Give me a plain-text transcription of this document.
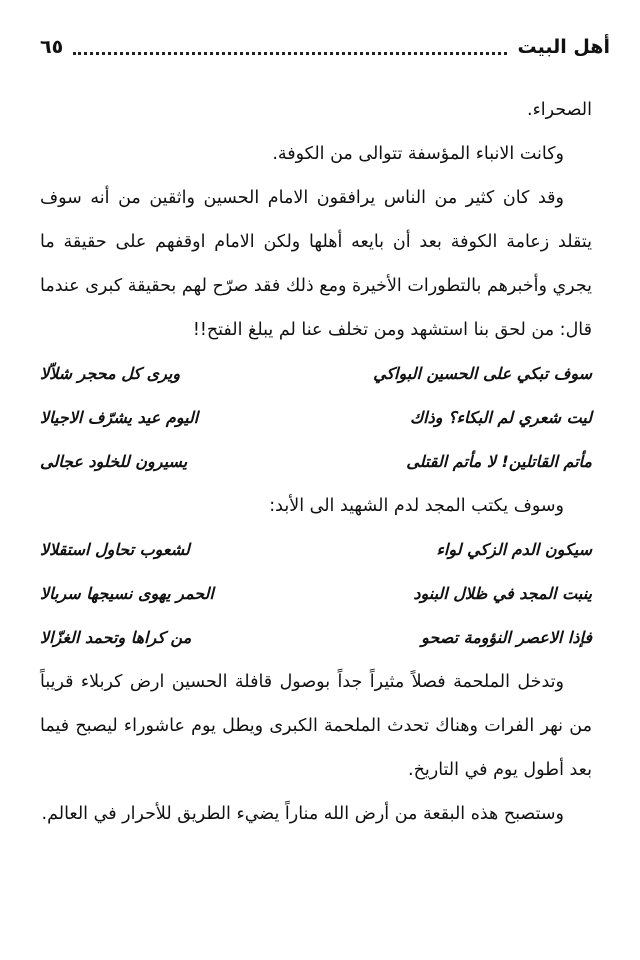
أهل البيت
٦٥

الصحراء.

وكانت الانباء المؤسفة تتوالى من الكوفة.

وقد كان كثير من الناس يرافقون الامام الحسين واثقين من أنه سوف يتقلد زعامة الكوفة بعد أن بايعه أهلها ولكن الامام اوقفهم على حقيقة ما يجري وأخبرهم بالتطورات الأخيرة ومع ذلك فقد صرّح لهم بحقيقة كبرى عندما قال: من لحق بنا استشهد ومن تخلف عنا لم يبلغ الفتح!!

سوف تبكي على الحسين البواكي
ويرى كل محجر شلاّلا
ليت شعري لم البكاء؟ وذاك
اليوم عيد يشرّف الاجيالا
مأتم القاتلين! لا مأتم القتلى
يسيرون للخلود عجالى

وسوف يكتب المجد لدم الشهيد الى الأبد:

سيكون الدم الزكي لواء
لشعوب تحاول استقلالا
ينبت المجد في ظلال البنود
الحمر يهوى نسيجها سربالا
فإذا الاعصر النؤومة تصحو
من كراها وتحمد الغزّالا

وتدخل الملحمة فصلاً مثيراً جداً بوصول قافلة الحسين ارض كربلاء قريباً من نهر الفرات وهناك تحدث الملحمة الكبرى ويطل يوم عاشوراء ليصبح فيما بعد أطول يوم في التاريخ.

وستصبح هذه البقعة من أرض الله مناراً يضيء الطريق للأحرار في العالم.
